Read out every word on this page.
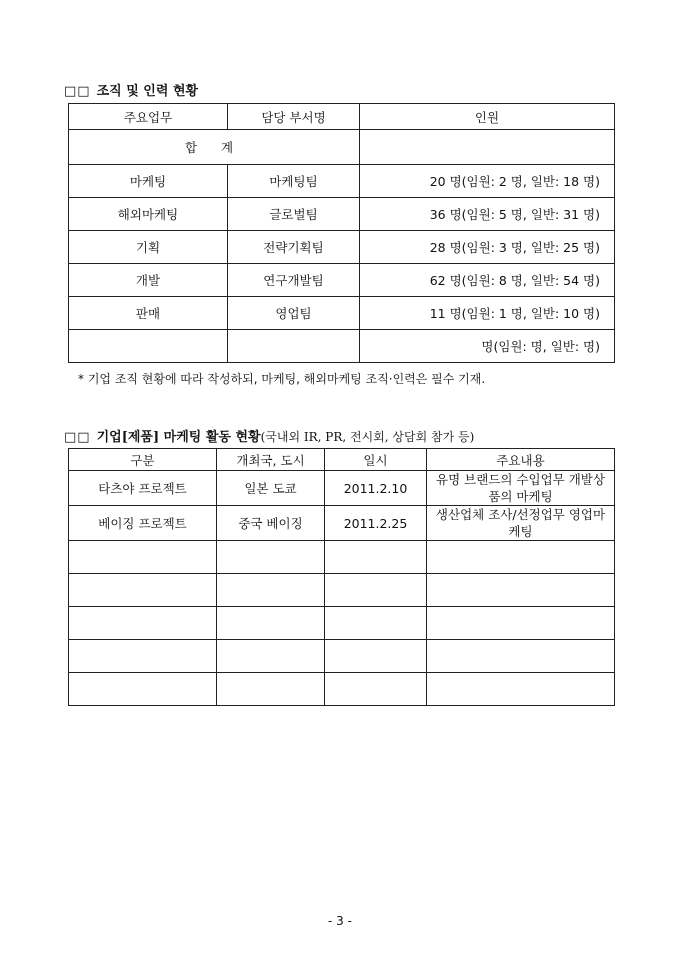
□□ 조직 및 인력 현황
주요업무	담당 부서명	인원
합 계		
마케팅	마케팅팀	20 명(임원: 2 명, 일반: 18 명)
해외마케팅	글로벌팀	36 명(임원: 5 명, 일반: 31 명)
기획	전략기획팀	28 명(임원: 3 명, 일반: 25 명)
개발	연구개발팀	62 명(임원: 8 명, 일반: 54 명)
판매	영업팀	11 명(임원: 1 명, 일반: 10 명)
		명(임원: 명, 일반: 명)
* 기업 조직 현황에 따라 작성하되, 마케팅, 해외마케팅 조직·인력은 필수 기재.
□□ 기업[제품] 마케팅 활동 현황(국내외 IR, PR, 전시회, 상담회 참가 등)
구분	개최국, 도시	일시	주요내용
타츠야 프로젝트	일본 도쿄	2011.2.10	유명 브랜드의 수입업무 개발상품의 마케팅
베이징 프로젝트	중국 베이징	2011.2.25	생산업체 조사/선정업무 영업마케팅

- 3 -
